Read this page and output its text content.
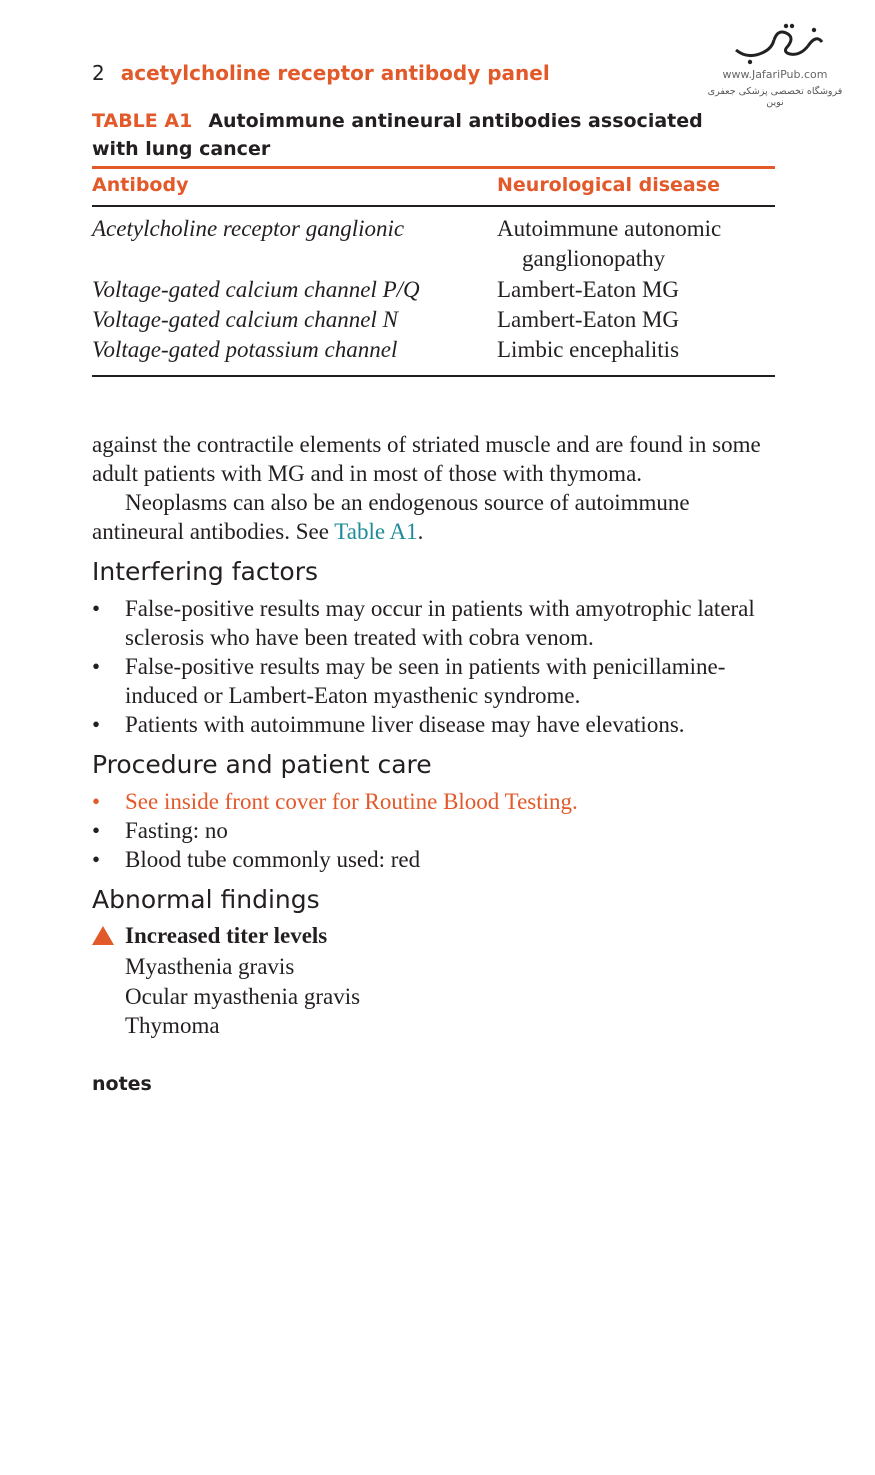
2 acetylcholine receptor antibody panel	www.JafariPub.com
فروشگاه تخصصی پزشکی جعفری نوین
TABLE A1 Autoimmune antineural antibodies associated with lung cancer
Antibody	Neurological disease
Acetylcholine receptor ganglionic	Autoimmune autonomic
ganglionopathy
Voltage-gated calcium channel P/Q	Lambert-Eaton MG
Voltage-gated calcium channel N	Lambert-Eaton MG
Voltage-gated potassium channel	Limbic encephalitis
against the contractile elements of striated muscle and are found in some adult patients with MG and in most of those with thymoma.
Neoplasms can also be an endogenous source of autoimmune antineural antibodies. See Table A1.
Interfering factors
• False-positive results may occur in patients with amyotrophic lateral sclerosis who have been treated with cobra venom.
• False-positive results may be seen in patients with penicillamine-induced or Lambert-Eaton myasthenic syndrome.
• Patients with autoimmune liver disease may have elevations.
Procedure and patient care
• See inside front cover for Routine Blood Testing.
• Fasting: no
• Blood tube commonly used: red
Abnormal findings
Increased titer levels
Myasthenia gravis
Ocular myasthenia gravis
Thymoma
notes
